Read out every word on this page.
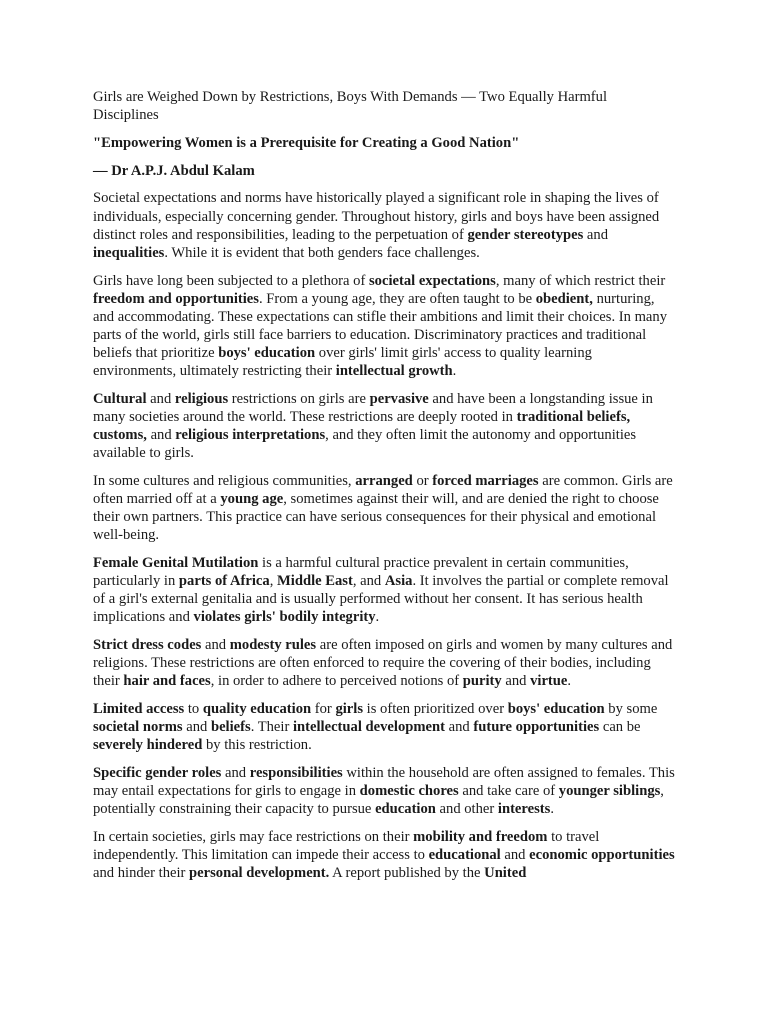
Girls are Weighed Down by Restrictions, Boys With Demands — Two Equally Harmful Disciplines

"Empowering Women is a Prerequisite for Creating a Good Nation"

— Dr A.P.J. Abdul Kalam

Societal expectations and norms have historically played a significant role in shaping the lives of individuals, especially concerning gender. Throughout history, girls and boys have been assigned distinct roles and responsibilities, leading to the perpetuation of gender stereotypes and inequalities. While it is evident that both genders face challenges.

Girls have long been subjected to a plethora of societal expectations, many of which restrict their freedom and opportunities. From a young age, they are often taught to be obedient, nurturing, and accommodating. These expectations can stifle their ambitions and limit their choices. In many parts of the world, girls still face barriers to education. Discriminatory practices and traditional beliefs that prioritize boys' education over girls' limit girls' access to quality learning environments, ultimately restricting their intellectual growth.

Cultural and religious restrictions on girls are pervasive and have been a longstanding issue in many societies around the world. These restrictions are deeply rooted in traditional beliefs, customs, and religious interpretations, and they often limit the autonomy and opportunities available to girls.

In some cultures and religious communities, arranged or forced marriages are common. Girls are often married off at a young age, sometimes against their will, and are denied the right to choose their own partners. This practice can have serious consequences for their physical and emotional well-being.

Female Genital Mutilation is a harmful cultural practice prevalent in certain communities, particularly in parts of Africa, Middle East, and Asia. It involves the partial or complete removal of a girl's external genitalia and is usually performed without her consent. It has serious health implications and violates girls' bodily integrity.

Strict dress codes and modesty rules are often imposed on girls and women by many cultures and religions. These restrictions are often enforced to require the covering of their bodies, including their hair and faces, in order to adhere to perceived notions of purity and virtue.

Limited access to quality education for girls is often prioritized over boys' education by some societal norms and beliefs. Their intellectual development and future opportunities can be severely hindered by this restriction.

Specific gender roles and responsibilities within the household are often assigned to females. This may entail expectations for girls to engage in domestic chores and take care of younger siblings, potentially constraining their capacity to pursue education and other interests.

In certain societies, girls may face restrictions on their mobility and freedom to travel independently. This limitation can impede their access to educational and economic opportunities and hinder their personal development. A report published by the United
